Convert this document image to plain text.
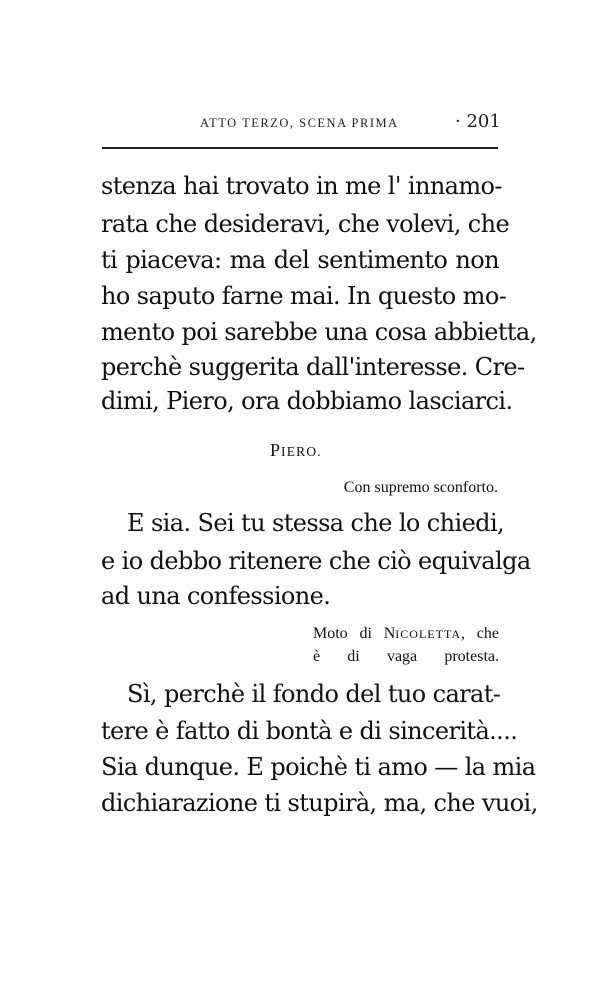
ATTO TERZO, SCENA PRIMA	· 201
stenza hai trovato in me l' innamo-
rata che desideravi, che volevi, che
ti piaceva: ma del sentimento non
ho saputo farne mai. In questo mo-
mento poi sarebbe una cosa abbietta,
perchè suggerita dall'interesse. Cre-
dimi, Piero, ora dobbiamo lasciarci.
PIERO.
Con supremo sconforto.
E sia. Sei tu stessa che lo chiedi,
e io debbo ritenere che ciò equivalga
ad una confessione.
Moto di NICOLETTA, che
è di vaga protesta.
Sì, perchè il fondo del tuo carat-
tere è fatto di bontà e di sincerità....
Sia dunque. E poichè ti amo — la mia
dichiarazione ti stupirà, ma, che vuoi,
